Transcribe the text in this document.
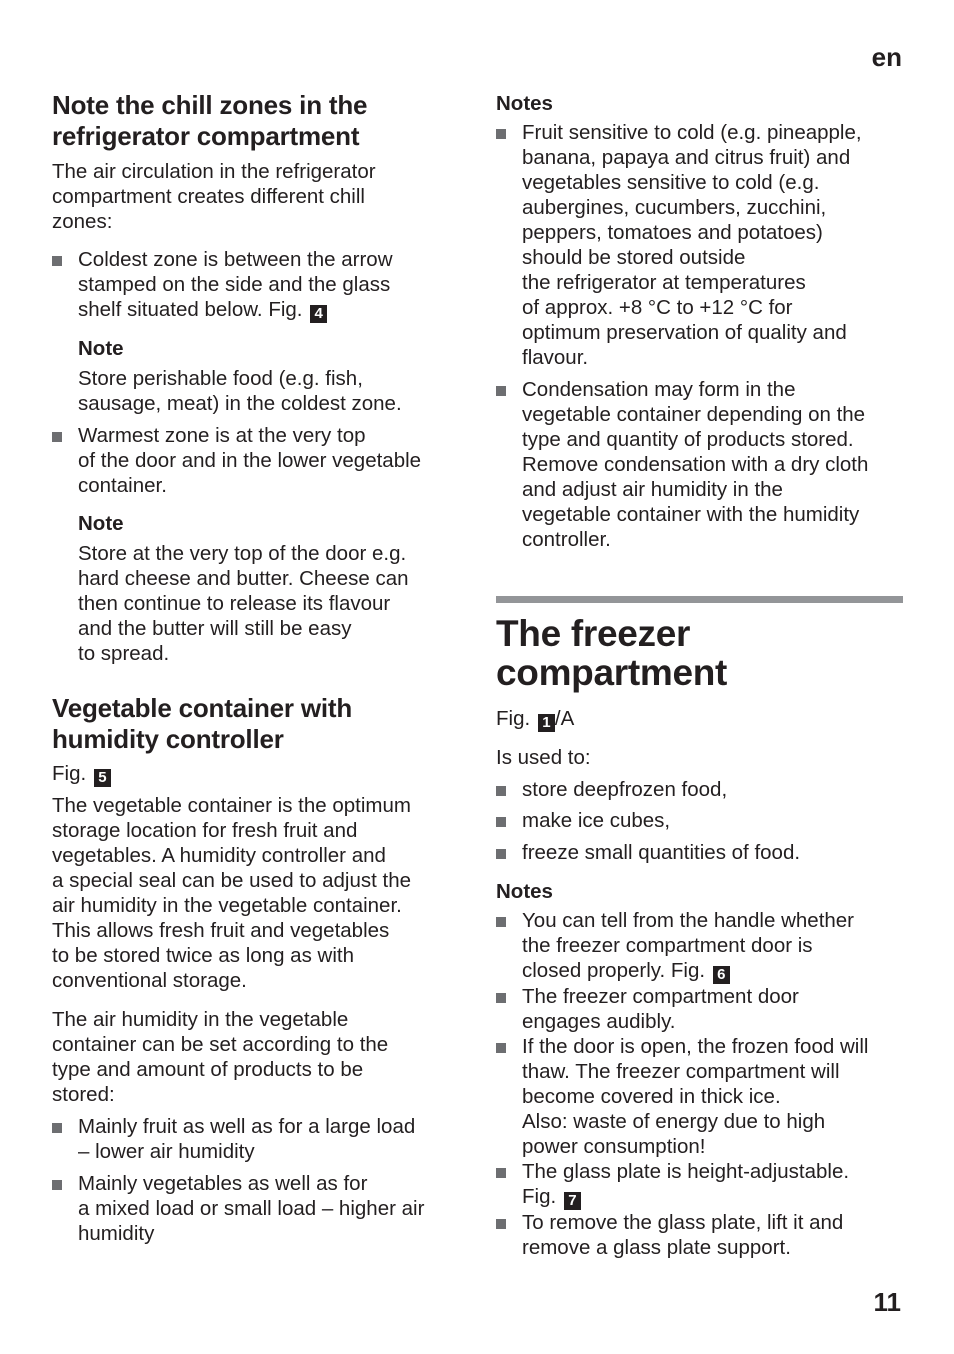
en
Note the chill zones in the
refrigerator compartment

The air circulation in the refrigerator
compartment creates different chill
zones:

Coldest zone is between the arrow
stamped on the side and the glass
shelf situated below. Fig. 4
Note

Store perishable food (e.g. fish,
sausage, meat) in the coldest zone.

Warmest zone is at the very top
of the door and in the lower vegetable
container.
Note

Store at the very top of the door e.g.
hard cheese and butter. Cheese can
then continue to release its flavour
and the butter will still be easy
to spread.

Vegetable container with
humidity controller

Fig. 5

The vegetable container is the optimum
storage location for fresh fruit and
vegetables. A humidity controller and
a special seal can be used to adjust the
air humidity in the vegetable container.
This allows fresh fruit and vegetables
to be stored twice as long as with
conventional storage.

The air humidity in the vegetable
container can be set according to the
type and amount of products to be
stored:

Mainly fruit as well as for a large load
– lower air humidity
Mainly vegetables as well as for
a mixed load or small load – higher air
humidity
Notes
Fruit sensitive to cold (e.g. pineapple,
banana, papaya and citrus fruit) and
vegetables sensitive to cold (e.g.
aubergines, cucumbers, zucchini,
peppers, tomatoes and potatoes)
should be stored outside
the refrigerator at temperatures
of approx. +8 °C to +12 °C for
optimum preservation of quality and
flavour.
Condensation may form in the
vegetable container depending on the
type and quantity of products stored.
Remove condensation with a dry cloth
and adjust air humidity in the
vegetable container with the humidity
controller.
The freezer
compartment

Fig. 1 /A

Is used to:

store deepfrozen food,
make ice cubes,
freeze small quantities of food.
Notes
You can tell from the handle whether
the freezer compartment door is
closed properly. Fig. 6
The freezer compartment door
engages audibly.
If the door is open, the frozen food will
thaw. The freezer compartment will
become covered in thick ice.
Also: waste of energy due to high
power consumption!
The glass plate is height-adjustable.
Fig. 7
To remove the glass plate, lift it and
remove a glass plate support.
11
